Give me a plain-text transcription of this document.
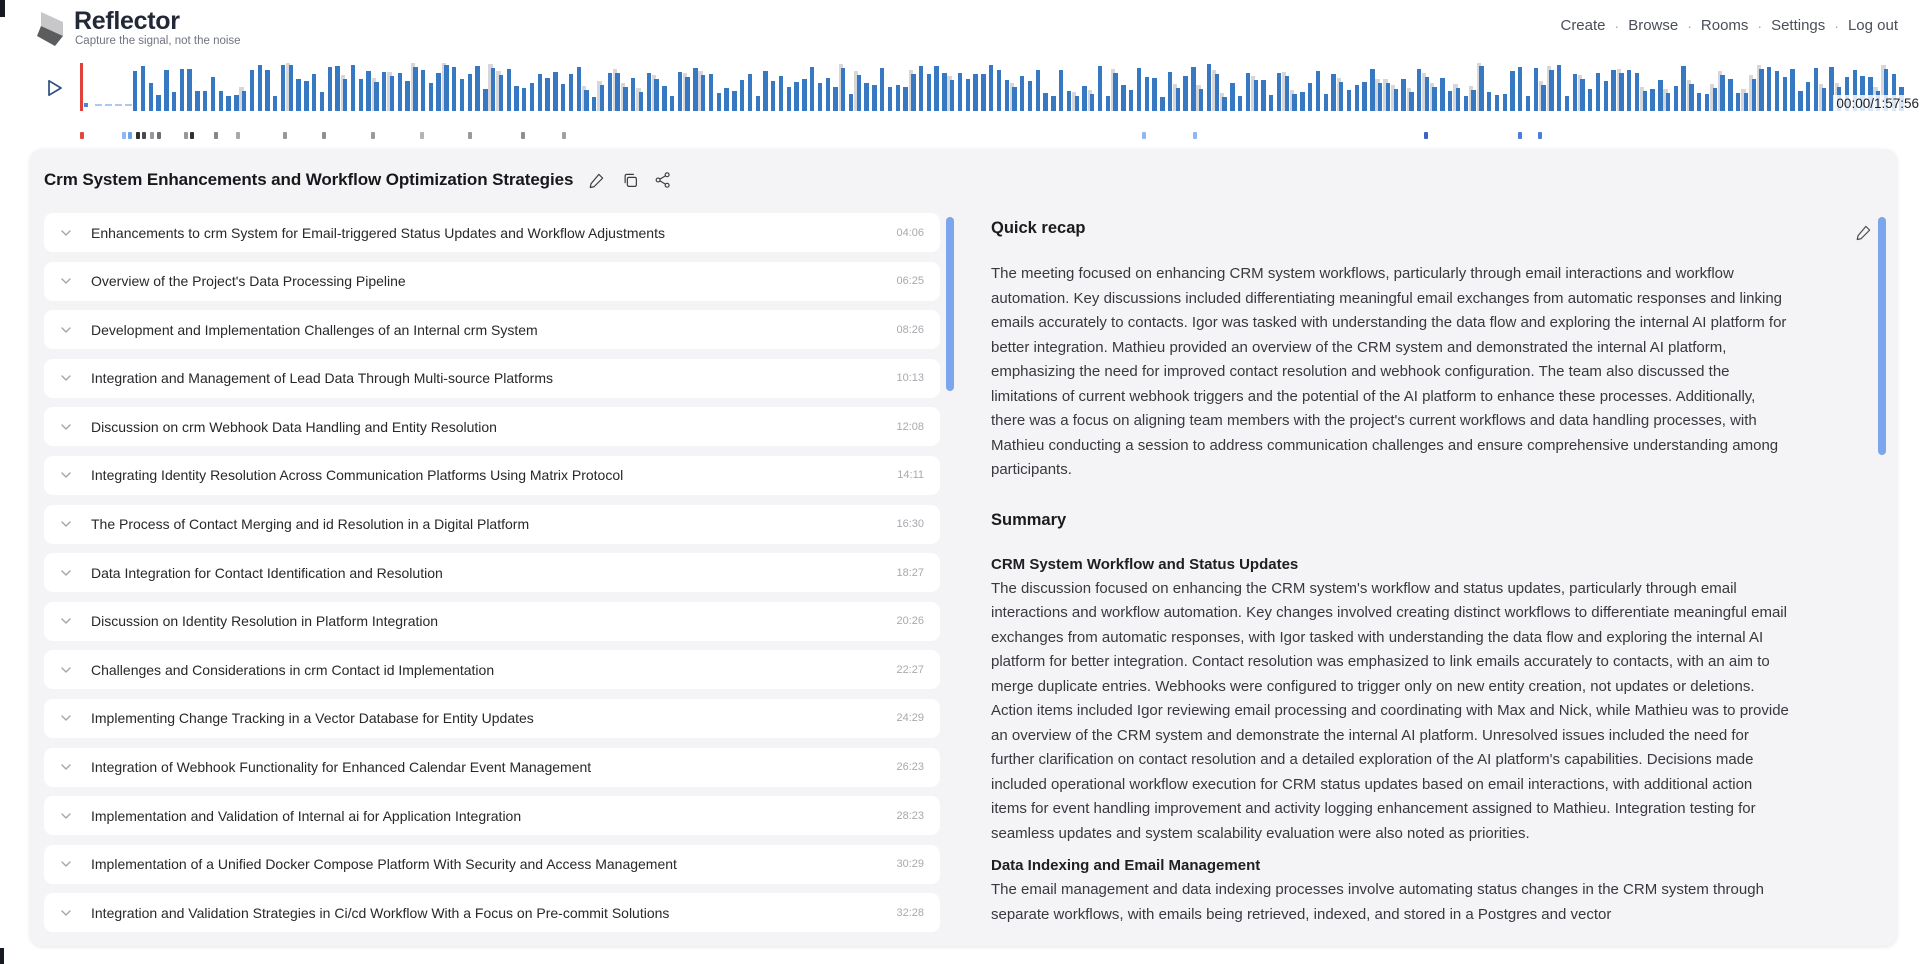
Reflector
Capture the signal, not the noise
Create · Browse · Rooms · Settings · Log out
00:00/1:57:56
Crm System Enhancements and Workflow Optimization Strategies
Enhancements to crm System for Email-triggered Status Updates and Workflow Adjustments	04:06
Overview of the Project's Data Processing Pipeline	06:25
Development and Implementation Challenges of an Internal crm System	08:26
Integration and Management of Lead Data Through Multi-source Platforms	10:13
Discussion on crm Webhook Data Handling and Entity Resolution	12:08
Integrating Identity Resolution Across Communication Platforms Using Matrix Protocol	14:11
The Process of Contact Merging and id Resolution in a Digital Platform	16:30
Data Integration for Contact Identification and Resolution	18:27
Discussion on Identity Resolution in Platform Integration	20:26
Challenges and Considerations in crm Contact id Implementation	22:27
Implementing Change Tracking in a Vector Database for Entity Updates	24:29
Integration of Webhook Functionality for Enhanced Calendar Event Management	26:23
Implementation and Validation of Internal ai for Application Integration	28:23
Implementation of a Unified Docker Compose Platform With Security and Access Management	30:29
Integration and Validation Strategies in Ci/cd Workflow With a Focus on Pre-commit Solutions	32:28
Quick recap
The meeting focused on enhancing CRM system workflows, particularly through email interactions and workflow automation. Key discussions included differentiating meaningful email exchanges from automatic responses and linking emails accurately to contacts. Igor was tasked with understanding the data flow and exploring the internal AI platform for better integration. Mathieu provided an overview of the CRM system and demonstrated the internal AI platform, emphasizing the need for improved contact resolution and webhook configuration. The team also discussed the limitations of current webhook triggers and the potential of the AI platform to enhance these processes. Additionally, there was a focus on aligning team members with the project's current workflows and data handling processes, with Mathieu conducting a session to address communication challenges and ensure comprehensive understanding among participants.
Summary
CRM System Workflow and Status Updates
The discussion focused on enhancing the CRM system's workflow and status updates, particularly through email interactions and workflow automation. Key changes involved creating distinct workflows to differentiate meaningful email exchanges from automatic responses, with Igor tasked with understanding the data flow and exploring the internal AI platform for better integration. Contact resolution was emphasized to link emails accurately to contacts, with an aim to merge duplicate entries. Webhooks were configured to trigger only on new entity creation, not updates or deletions. Action items included Igor reviewing email processing and coordinating with Max and Nick, while Mathieu was to provide an overview of the CRM system and demonstrate the internal AI platform. Unresolved issues included the need for further clarification on contact resolution and a detailed exploration of the AI platform's capabilities. Decisions made included operational workflow execution for CRM status updates based on email interactions, with additional action items for event handling improvement and activity logging enhancement assigned to Mathieu. Integration testing for seamless updates and system scalability evaluation were also noted as priorities.
Data Indexing and Email Management
The email management and data indexing processes involve automating status changes in the CRM system through separate workflows, with emails being retrieved, indexed, and stored in a Postgres and vector
